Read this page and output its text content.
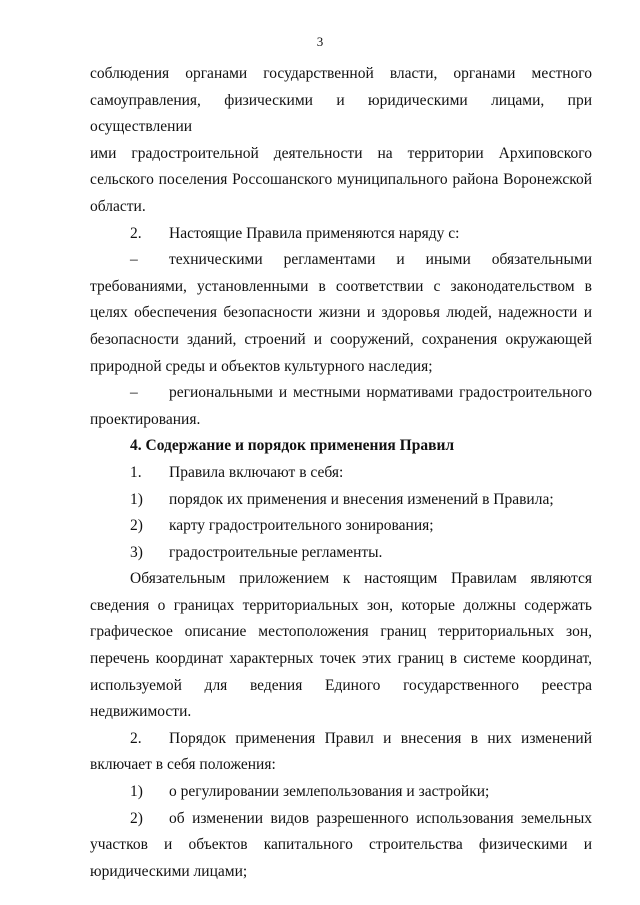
3

соблюдения органами государственной власти, органами местного

самоуправления, физическими и юридическими лицами, при осуществлении

ими градостроительной деятельности на территории Архиповского

сельского поселения Россошанского муниципального района Воронежской

области.

2.	Настоящие Правила применяются наряду с:
–	техническими регламентами и иными обязательными

требованиями, установленными в соответствии с законодательством в целях обеспечения безопасности жизни и здоровья людей, надежности и безопасности зданий, строений и сооружений, сохранения окружающей природной среды и объектов культурного наследия;

–	региональными и местными нормативами градостроительного

проектирования.

4. Содержание и порядок применения Правил

1.	Правила включают в себя:
1)	порядок их применения и внесения изменений в Правила;
2)	карту градостроительного зонирования;
3)	градостроительные регламенты.

Обязательным приложением к настоящим Правилам являются сведения о границах территориальных зон, которые должны содержать графическое описание местоположения границ территориальных зон, перечень координат характерных точек этих границ в системе координат, используемой для ведения Единого государственного реестра недвижимости.

2.	Порядок применения Правил и внесения в них изменений

включает в себя положения:

1)	о регулировании землепользования и застройки;
2)	об изменении видов разрешенного использования земельных

участков и объектов капитального строительства физическими и юридическими лицами;
